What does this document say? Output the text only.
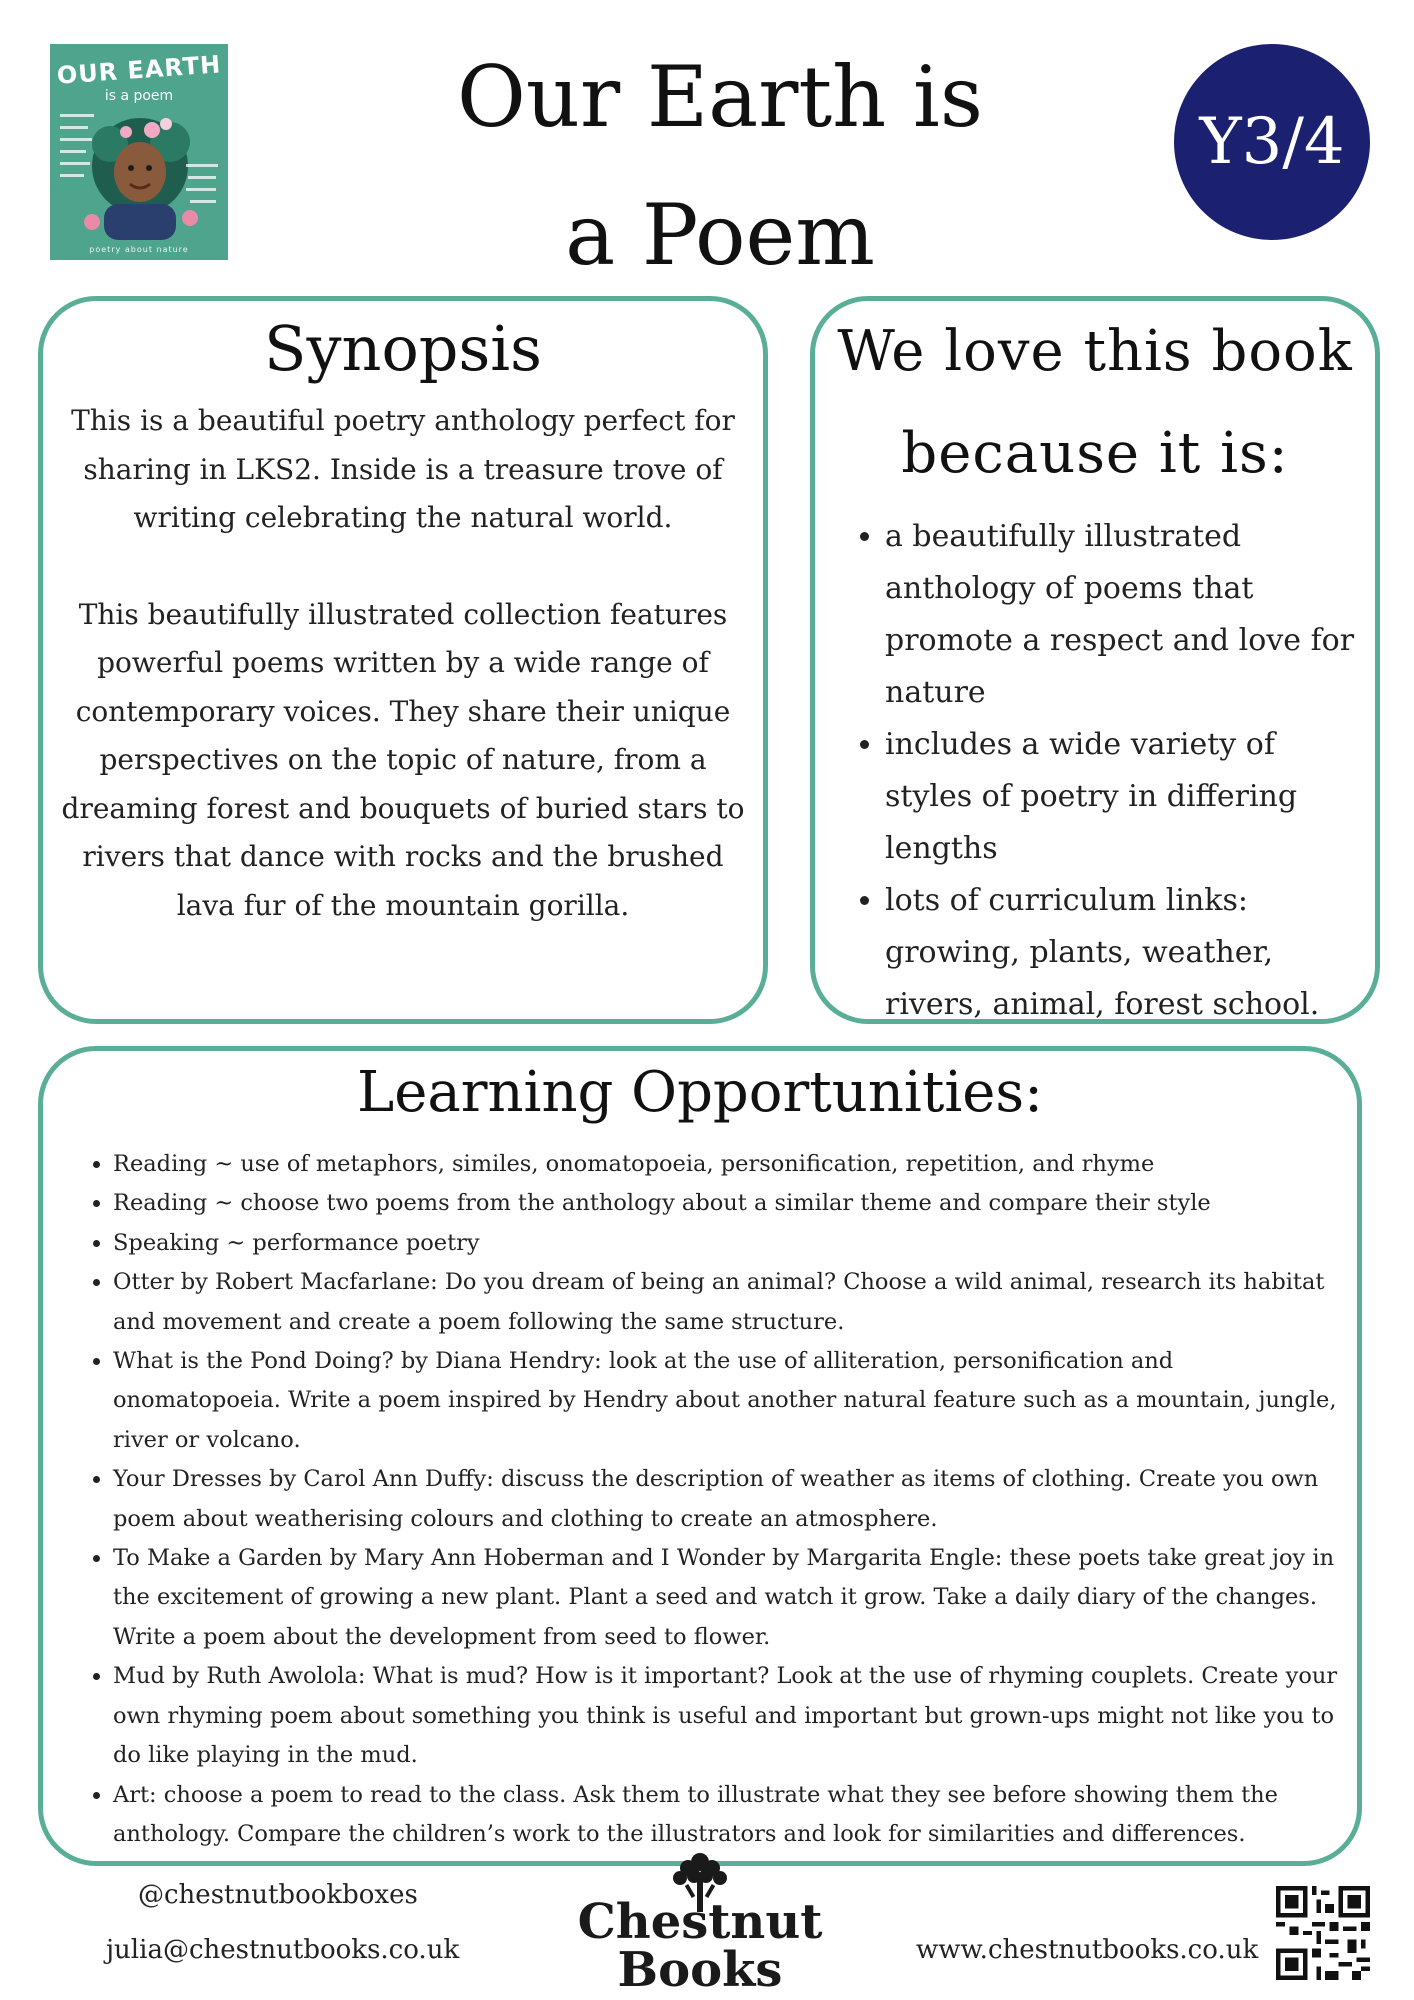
OUR EARTH
is a poem
poetry about nature
Our Earth is
a Poem
Y3/4
Synopsis

This is a beautiful poetry anthology perfect for sharing in LKS2. Inside is a treasure trove of writing celebrating the natural world.

This beautifully illustrated collection features powerful poems written by a wide range of contemporary voices. They share their unique perspectives on the topic of nature, from a dreaming forest and bouquets of buried stars to rivers that dance with rocks and the brushed lava fur of the mountain gorilla.

We love this book
because it is:
• a beautifully illustrated anthology of poems that promote a respect and love for nature
• includes a wide variety of styles of poetry in differing lengths
• lots of curriculum links: growing, plants, weather, rivers, animal, forest school.
Learning Opportunities:
• Reading ~ use of metaphors, similes, onomatopoeia, personification, repetition, and rhyme
• Reading ~ choose two poems from the anthology about a similar theme and compare their style
• Speaking ~ performance poetry
• Otter by Robert Macfarlane: Do you dream of being an animal? Choose a wild animal, research its habitat and movement and create a poem following the same structure.
• What is the Pond Doing? by Diana Hendry: look at the use of alliteration, personification and onomatopoeia. Write a poem inspired by Hendry about another natural feature such as a mountain, jungle, river or volcano.
• Your Dresses by Carol Ann Duffy: discuss the description of weather as items of clothing. Create you own poem about weatherising colours and clothing to create an atmosphere.
• To Make a Garden by Mary Ann Hoberman and I Wonder by Margarita Engle: these poets take great joy in the excitement of growing a new plant. Plant a seed and watch it grow. Take a daily diary of the changes. Write a poem about the development from seed to flower.
• Mud by Ruth Awolola: What is mud? How is it important? Look at the use of rhyming couplets. Create your own rhyming poem about something you think is useful and important but grown-ups might not like you to do like playing in the mud.
• Art: choose a poem to read to the class. Ask them to illustrate what they see before showing them the anthology. Compare the children’s work to the illustrators and look for similarities and differences.
@chestnutbookboxes
julia@chestnutbooks.co.uk	www.chestnutbooks.co.uk
Chestnut
Books
